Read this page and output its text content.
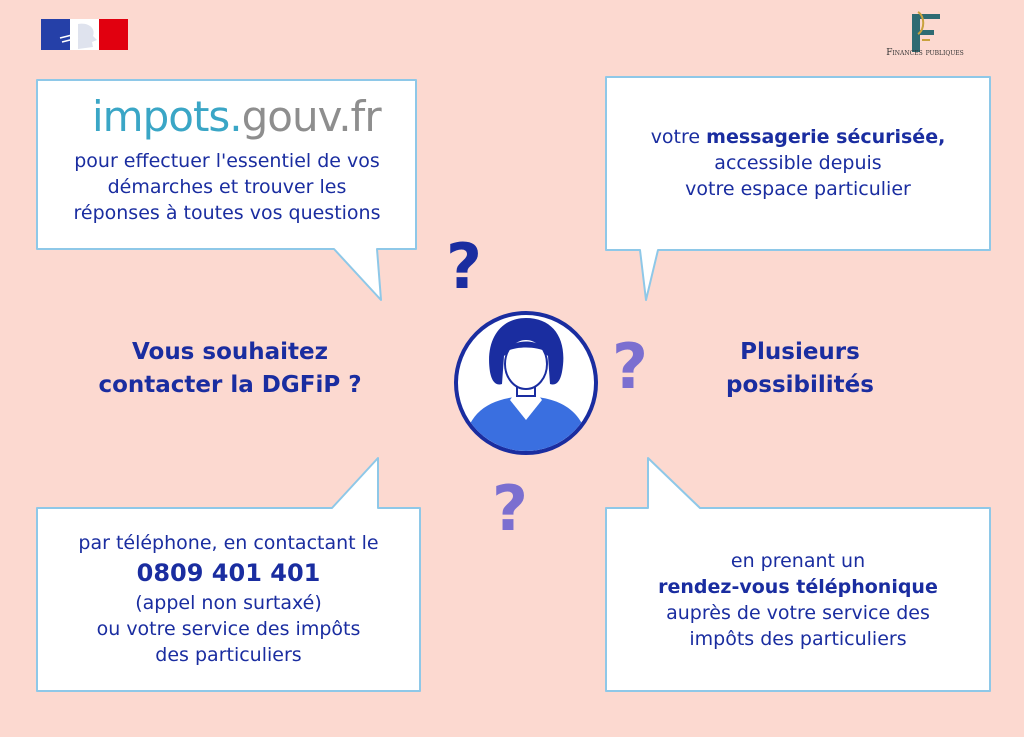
Finances publiques
impots.gouv.fr
pour effectuer l'essentiel de vos
démarches et trouver les
réponses à toutes vos questions
votre messagerie sécurisée,
accessible depuis
votre espace particulier
par téléphone, en contactant le
0809 401 401
(appel non surtaxé)
ou votre service des impôts
des particuliers
en prenant un
rendez-vous téléphonique
auprès de votre service des
impôts des particuliers
Vous souhaitez
contacter la DGFiP ?
Plusieurs
possibilités
?
?
?
